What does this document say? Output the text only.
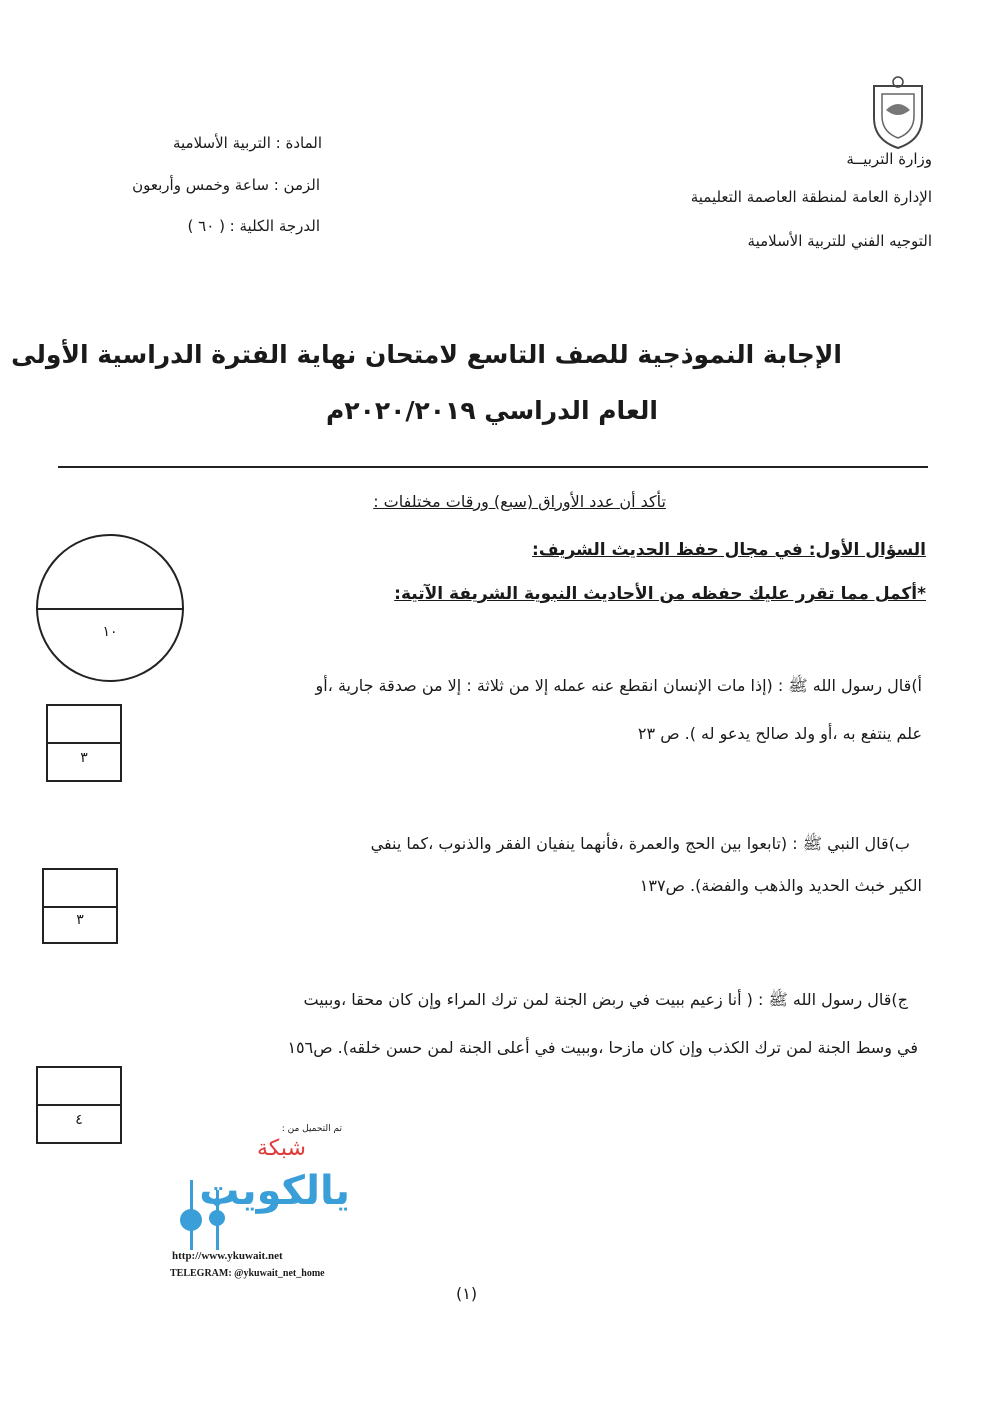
وزارة التربيــة
الإدارة العامة لمنطقة العاصمة التعليمية
التوجيه الفني للتربية الأسلامية
المادة : التربية الأسلامية
الزمن : ساعة وخمس وأربعون
الدرجة الكلية : ( ٦٠ )
الإجابة النموذجية للصف التاسع لامتحان نهاية الفترة الدراسية الأولى
العام الدراسي ٢٠٢٠/٢٠١٩م
تأكد أن عدد الأوراق (سبع) ورقات مختلفات :
السؤال الأول: في مجال حفظ الحديث الشريف:
*أكمل مما تقرر عليك حفظه من الأحاديث النبوية الشريفة الآتية:
١٠
أ)قال رسول الله ﷺ : (إذا مات الإنسان انقطع عنه عمله إلا من ثلاثة : إلا من صدقة جارية ،أو
علم ينتفع به ،أو ولد صالح يدعو له ). ص ٢٣
٣
ب)قال النبي ﷺ : (تابعوا بين الحج والعمرة ،فأنهما ينفيان الفقر والذنوب ،كما ينفي
الكير خبث الحديد والذهب والفضة). ص١٣٧
٣
ج)قال رسول الله ﷺ : ( أنا زعيم ببيت في ربض الجنة لمن ترك المراء وإن كان محقا ،وببيت
في وسط الجنة لمن ترك الكذب وإن كان مازحا ،وببيت في أعلى الجنة لمن حسن خلقه). ص١٥٦
٤
تم التحميل من :
شبكة
يالكويت
http://www.ykuwait.net
TELEGRAM: @ykuwait_net_home
(١)
